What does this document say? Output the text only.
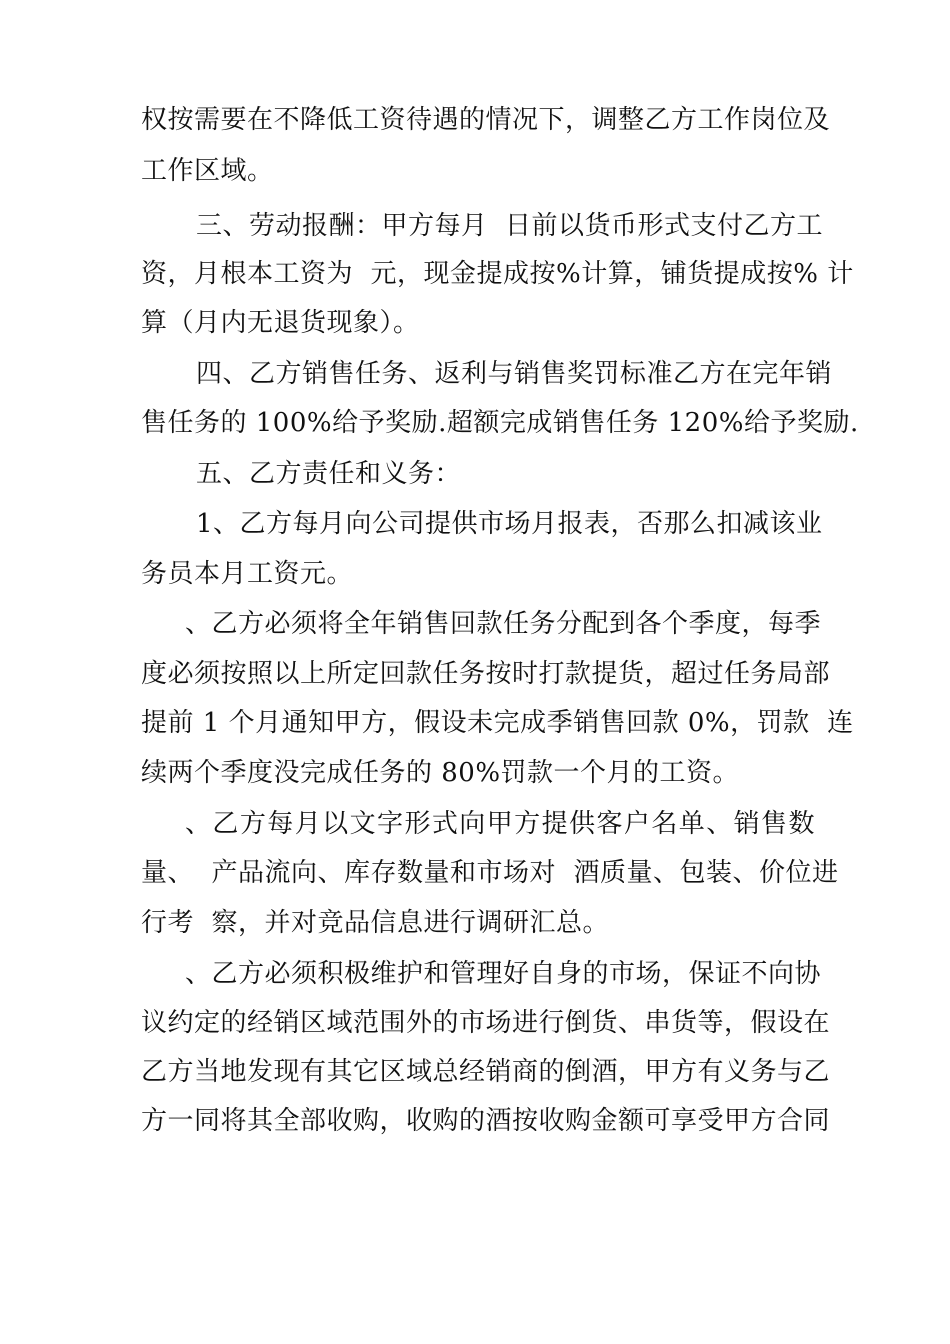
权按需要在不降低工资待遇的情况下，调整乙方工作岗位及
工作区域。
三、劳动报酬：甲方每月  日前以货币形式支付乙方工
资，月根本工资为  元，现金提成按%计算，铺货提成按% 计
算（月内无退货现象）。
四、乙方销售任务、返利与销售奖罚标准乙方在完年销
售任务的 100%给予奖励.超额完成销售任务 120%给予奖励.
五、乙方责任和义务：
1、乙方每月向公司提供市场月报表，否那么扣减该业
务员本月工资元。
、乙方必须将全年销售回款任务分配到各个季度，每季
度必须按照以上所定回款任务按时打款提货，超过任务局部
提前 1 个月通知甲方，假设未完成季销售回款 0%，罚款  连
续两个季度没完成任务的 80%罚款一个月的工资。
、乙方每月以文字形式向甲方提供客户名单、销售数
量、  产品流向、库存数量和市场对  酒质量、包装、价位进
行考  察，并对竞品信息进行调研汇总。
、乙方必须积极维护和管理好自身的市场，保证不向协
议约定的经销区域范围外的市场进行倒货、串货等，假设在
乙方当地发现有其它区域总经销商的倒酒，甲方有义务与乙
方一同将其全部收购，收购的酒按收购金额可享受甲方合同
